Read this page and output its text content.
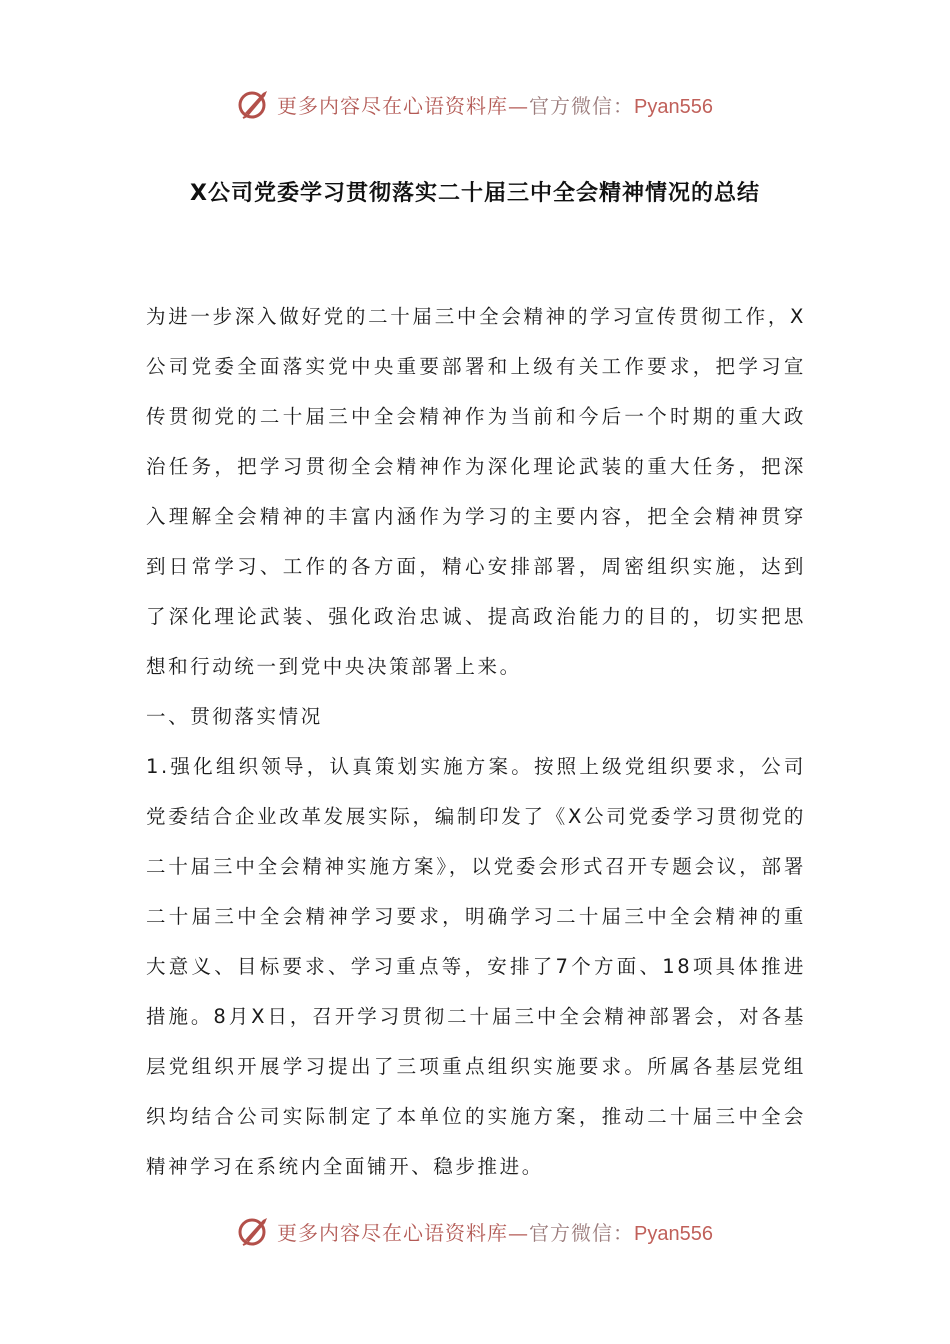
更多内容尽在心语资料库—官方微信：Pyan556
X公司党委学习贯彻落实二十届三中全会精神情况的总结

为进一步深入做好党的二十届三中全会精神的学习宣传贯彻工作，X公司党委全面落实党中央重要部署和上级有关工作要求，把学习宣传贯彻党的二十届三中全会精神作为当前和今后一个时期的重大政治任务，把学习贯彻全会精神作为深化理论武装的重大任务，把深入理解全会精神的丰富内涵作为学习的主要内容，把全会精神贯穿到日常学习、工作的各方面，精心安排部署，周密组织实施，达到了深化理论武装、强化政治忠诚、提高政治能力的目的，切实把思想和行动统一到党中央决策部署上来。

一、贯彻落实情况

1.强化组织领导，认真策划实施方案。按照上级党组织要求，公司党委结合企业改革发展实际，编制印发了《X公司党委学习贯彻党的二十届三中全会精神实施方案》，以党委会形式召开专题会议，部署二十届三中全会精神学习要求，明确学习二十届三中全会精神的重大意义、目标要求、学习重点等，安排了7个方面、18项具体推进措施。8月X日，召开学习贯彻二十届三中全会精神部署会，对各基层党组织开展学习提出了三项重点组织实施要求。所属各基层党组织均结合公司实际制定了本单位的实施方案，推动二十届三中全会精神学习在系统内全面铺开、稳步推进。

更多内容尽在心语资料库—官方微信：Pyan556
